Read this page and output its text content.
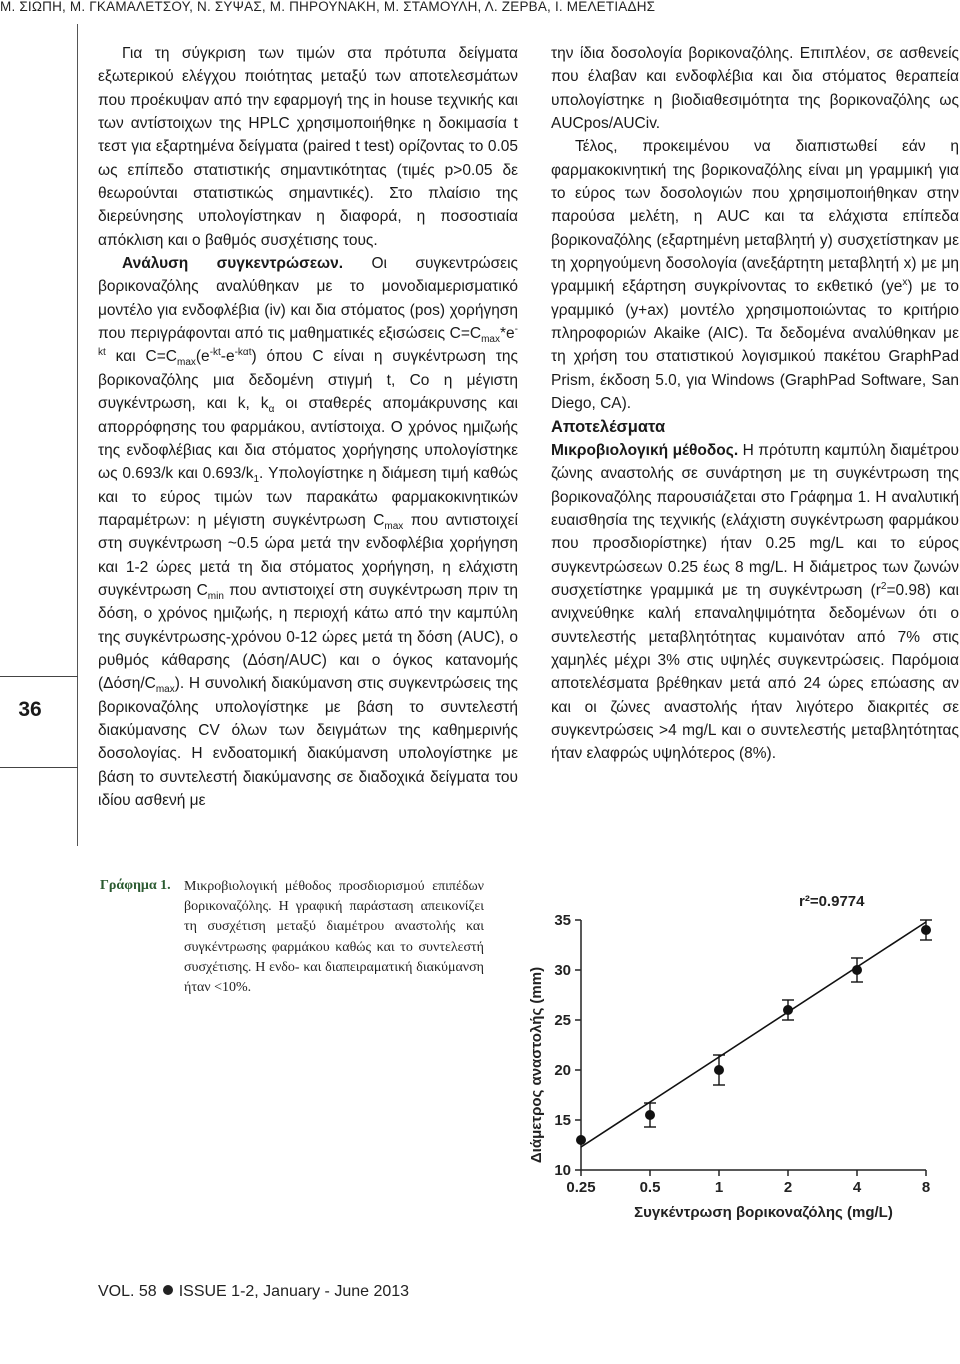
Μ. ΣΙΩΠΗ, Μ. ΓΚΑΜΑΛΕΤΣΟΥ, Ν. ΣΥΨΑΣ, Μ. ΠΗΡΟΥΝΑΚΗ, Μ. ΣΤΑΜΟΥΛΗ, Λ. ΖΕΡΒΑ, Ι. ΜΕΛΕΤΙΑΔΗΣ
36

Για τη σύγκριση των τιμών στα πρότυπα δείγματα εξωτερικού ελέγχου ποιότητας μεταξύ των αποτελεσμάτων που προέκυψαν από την εφαρμογή της in house τεχνικής και των αντίστοιχων της HPLC χρησιμοποιήθηκε η δοκιμασία t τεστ για εξαρτημένα δείγματα (paired t test) ορίζοντας το 0.05 ως επίπεδο στατιστικής σημαντικότητας (τιμές p>0.05 δε θεωρούνται στατιστικώς σημαντικές). Στο πλαίσιο της διερεύνησης υπολογίστηκαν η διαφορά, η ποσοστιαία απόκλιση και ο βαθμός συσχέτισης τους.

Ανάλυση συγκεντρώσεων. Οι συγκεντρώσεις βορικοναζόλης αναλύθηκαν με το μονοδιαμερισματικό μοντέλο για ενδοφλέβια (iv) και δια στόματος (pos) χορήγηση που περιγράφονται από τις μαθηματικές εξισώσεις $C=C_{max}*e^{-kt}$ και $C=C_{max}(e^{-kt}-e^{-k\alpha t})$ όπου C είναι η συγκέντρωση της βορικοναζόλης μια δεδομένη στιγμή t, Co η μέγιστη συγκέντρωση, και k, $k_\alpha$ οι σταθερές απομάκρυνσης και απορρόφησης του φαρμάκου, αντίστοιχα. Ο χρόνος ημιζωής της ενδοφλέβιας και δια στόματος χορήγησης υπολογίστηκε ως 0.693/k και $0.693/k_1$. Υπολογίστηκε η διάμεση τιμή καθώς και το εύρος τιμών των παρακάτω φαρμακοκινητικών παραμέτρων: η μέγιστη συγκέντρωση $C_{max}$ που αντιστοιχεί στη συγκέντρωση ~0.5 ώρα μετά την ενδοφλέβια χορήγηση και 1-2 ώρες μετά τη δια στόματος χορήγηση, η ελάχιστη συγκέντρωση $C_{min}$ που αντιστοιχεί στη συγκέντρωση πριν τη δόση, ο χρόνος ημιζωής, η περιοχή κάτω από την καμπύλη της συγκέντρωσης-χρόνου 0-12 ώρες μετά τη δόση (AUC), ο ρυθμός κάθαρσης (Δόση/AUC) και ο όγκος κατανομής $(\Delta ό\sigma\eta/C_{max})$. Η συνολική διακύμανση στις συγκεντρώσεις της βορικοναζόλης υπολογίστηκε με βάση το συντελεστή διακύμανσης CV όλων των δειγμάτων της καθημερινής δοσολογίας. Η ενδοατομική διακύμανση υπολογίστηκε με βάση το συντελεστή διακύμανσης σε διαδοχικά δείγματα του ιδίου ασθενή με

την ίδια δοσολογία βορικοναζόλης. Επιπλέον, σε ασθενείς που έλαβαν και ενδοφλέβια και δια στόματος θεραπεία υπολογίστηκε η βιοδιαθεσιμότητα της βορικοναζόλης ως AUCpos/AUCiv.

Τέλος, προκειμένου να διαπιστωθεί εάν η φαρμακοκινητική της βορικοναζόλης είναι μη γραμμική για το εύρος των δοσολογιών που χρησιμοποιήθηκαν στην παρούσα μελέτη, η AUC και τα ελάχιστα επίπεδα βορικοναζόλης (εξαρτημένη μεταβλητή y) συσχετίστηκαν με τη χορηγούμενη δοσολογία (ανεξάρτητη μεταβλητή x) με μη γραμμική εξάρτηση συγκρίνοντας το εκθετικό $(ye^x)$ με το γραμμικό (y+ax) μοντέλο χρησιμοποιώντας το κριτήριο πληροφοριών Akaike (AIC). Τα δεδομένα αναλύθηκαν με τη χρήση του στατιστικού λογισμικού πακέτου GraphPad Prism, έκδοση 5.0, για Windows (GraphPad Software, San Diego, CA).

Αποτελέσματα

Μικροβιολογική μέθοδος. Η πρότυπη καμπύλη διαμέτρου ζώνης αναστολής σε συνάρτηση με τη συγκέντρωση της βορικοναζόλης παρουσιάζεται στο Γράφημα 1. Η αναλυτική ευαισθησία της τεχνικής (ελάχιστη συγκέντρωση φαρμάκου που προσδιορίστηκε) ήταν 0.25 mg/L και το εύρος συγκεντρώσεων 0.25 έως 8 mg/L. Η διάμετρος των ζωνών συσχετίστηκε γραμμικά με τη συγκέντρωση $(r^2=0.98)$ και ανιχνεύθηκε καλή επαναληψιμότητα δεδομένων ότι ο συντελεστής μεταβλητότητας κυμαινόταν από 7% στις χαμηλές μέχρι 3% στις υψηλές συγκεντρώσεις. Παρόμοια αποτελέσματα βρέθηκαν μετά από 24 ώρες επώασης αν και οι ζώνες αναστολής ήταν λιγότερο διακριτές σε συγκεντρώσεις >4 mg/L και ο συντελεστής μεταβλητότητας ήταν ελαφρώς υψηλότερος (8%).

Γράφημα 1. Μικροβιολογική μέθοδος προσδιορισμού επιπέδων βορικοναζόλης. Η γραφική παράσταση απεικονίζει τη συσχέτιση μεταξύ διαμέτρου αναστολής και συγκέντρωσης φαρμάκου καθώς και το συντελεστή συσχέτισης. Η ενδο- και διαπειραματική διακύμανση ήταν <10%.
10
15
20
25
30
35
0.25	0.5	1	2	4	8
r²=0.9774
Συγκέντρωση βορικοναζόλης (mg/L)
Διάμετρος αναστολής (mm)
VOL. 58 ISSUE 1-2, January - June 2013
